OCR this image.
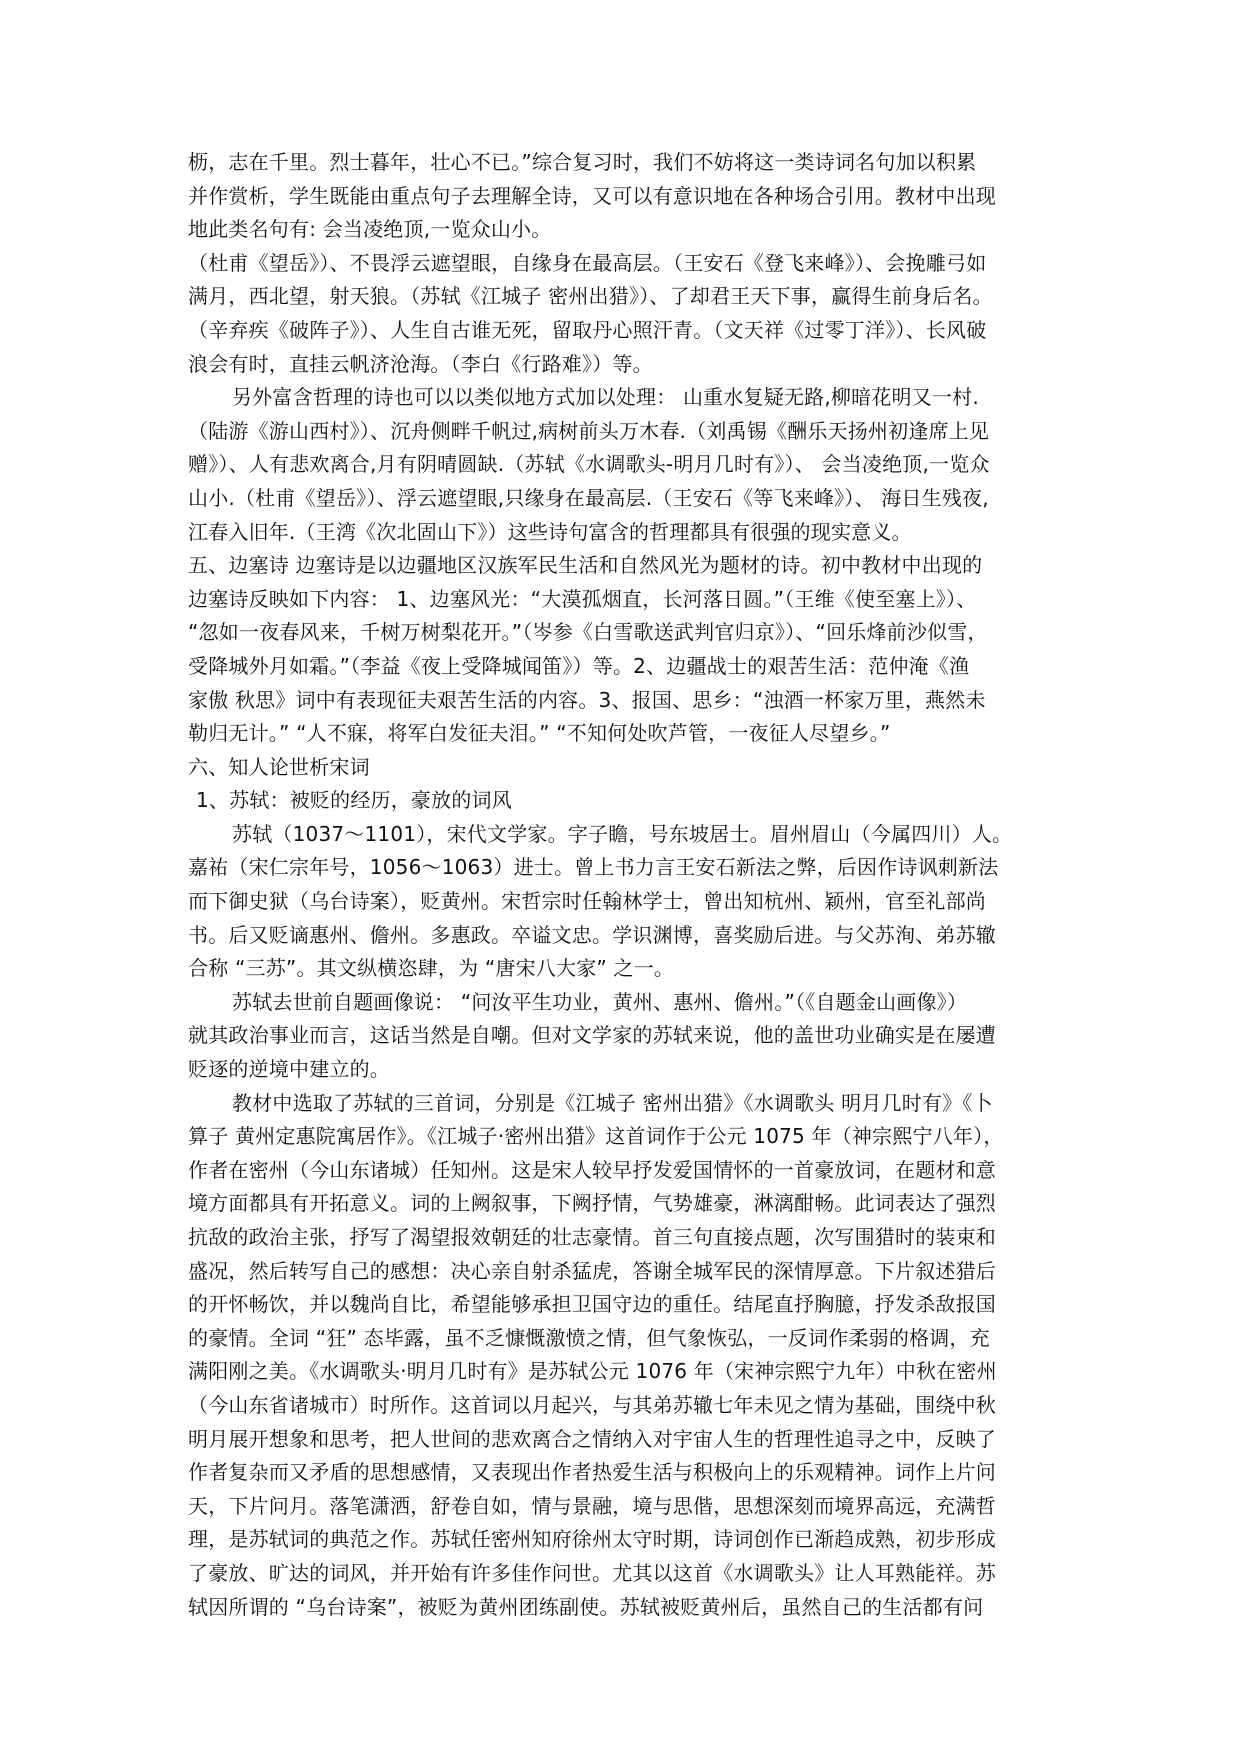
枥，志在千里。烈士暮年，壮心不已。”综合复习时，我们不妨将这一类诗词名句加以积累
并作赏析，学生既能由重点句子去理解全诗，又可以有意识地在各种场合引用。教材中出现
地此类名句有: 会当凌绝顶,一览众山小。
（杜甫《望岳》）、不畏浮云遮望眼，自缘身在最高层。（王安石《登飞来峰》）、会挽雕弓如
满月，西北望，射天狼。（苏轼《江城子 密州出猎》）、了却君王天下事，赢得生前身后名。
（辛弃疾《破阵子》）、人生自古谁无死，留取丹心照汗青。（文天祥《过零丁洋》）、长风破
浪会有时，直挂云帆济沧海。（李白《行路难》）等。
另外富含哲理的诗也可以以类似地方式加以处理： 山重水复疑无路,柳暗花明又一村.
（陆游《游山西村》）、沉舟侧畔千帆过,病树前头万木春.（刘禹锡《酬乐天扬州初逢席上见
赠》）、人有悲欢离合,月有阴晴圆缺.（苏轼《水调歌头-明月几时有》）、 会当凌绝顶,一览众
山小.（杜甫《望岳》）、浮云遮望眼,只缘身在最高层.（王安石《等飞来峰》）、 海日生残夜,
江春入旧年.（王湾《次北固山下》）这些诗句富含的哲理都具有很强的现实意义。
五、边塞诗 边塞诗是以边疆地区汉族军民生活和自然风光为题材的诗。初中教材中出现的
边塞诗反映如下内容： 1、边塞风光：“大漠孤烟直，长河落日圆。”（王维《使至塞上》）、
“忽如一夜春风来，千树万树梨花开。”（岑参《白雪歌送武判官归京》）、“回乐烽前沙似雪，
受降城外月如霜。”（李益《夜上受降城闻笛》）等。2、边疆战士的艰苦生活：范仲淹《渔
家傲 秋思》词中有表现征夫艰苦生活的内容。3、报国、思乡：“浊酒一杯家万里，燕然未
勒归无计。” “人不寐，将军白发征夫泪。” “不知何处吹芦管，一夜征人尽望乡。”
六、知人论世析宋词
1、苏轼：被贬的经历，豪放的词风
苏轼（1037～1101），宋代文学家。字子瞻，号东坡居士。眉州眉山（今属四川）人。
嘉祐（宋仁宗年号，1056～1063）进士。曾上书力言王安石新法之弊，后因作诗讽刺新法
而下御史狱（乌台诗案），贬黄州。宋哲宗时任翰林学士，曾出知杭州、颖州，官至礼部尚
书。后又贬谪惠州、儋州。多惠政。卒谥文忠。学识渊博，喜奖励后进。与父苏洵、弟苏辙
合称 “三苏”。其文纵横恣肆，为 “唐宋八大家” 之一。
苏轼去世前自题画像说： “问汝平生功业，黄州、惠州、儋州。”（《自题金山画像》）
就其政治事业而言，这话当然是自嘲。但对文学家的苏轼来说，他的盖世功业确实是在屡遭
贬逐的逆境中建立的。
教材中选取了苏轼的三首词，分别是《江城子 密州出猎》《水调歌头 明月几时有》《卜
算子 黄州定惠院寓居作》。《江城子·密州出猎》这首词作于公元 1075 年（神宗熙宁八年），
作者在密州（今山东诸城）任知州。这是宋人较早抒发爱国情怀的一首豪放词，在题材和意
境方面都具有开拓意义。词的上阙叙事，下阙抒情，气势雄豪，淋漓酣畅。此词表达了强烈
抗敌的政治主张，抒写了渴望报效朝廷的壮志豪情。首三句直接点题，次写围猎时的装束和
盛况，然后转写自己的感想：决心亲自射杀猛虎，答谢全城军民的深情厚意。下片叙述猎后
的开怀畅饮，并以魏尚自比，希望能够承担卫国守边的重任。结尾直抒胸臆，抒发杀敌报国
的豪情。全词 “狂” 态毕露，虽不乏慷慨激愤之情，但气象恢弘，一反词作柔弱的格调，充
满阳刚之美。《水调歌头·明月几时有》是苏轼公元 1076 年（宋神宗熙宁九年）中秋在密州
（今山东省诸城市）时所作。这首词以月起兴，与其弟苏辙七年未见之情为基础，围绕中秋
明月展开想象和思考，把人世间的悲欢离合之情纳入对宇宙人生的哲理性追寻之中，反映了
作者复杂而又矛盾的思想感情，又表现出作者热爱生活与积极向上的乐观精神。词作上片问
天，下片问月。落笔潇洒，舒卷自如，情与景融，境与思偕，思想深刻而境界高远，充满哲
理，是苏轼词的典范之作。苏轼任密州知府徐州太守时期，诗词创作已渐趋成熟，初步形成
了豪放、旷达的词风，并开始有许多佳作问世。尤其以这首《水调歌头》让人耳熟能祥。苏
轼因所谓的 “乌台诗案”，被贬为黄州团练副使。苏轼被贬黄州后，虽然自己的生活都有问
